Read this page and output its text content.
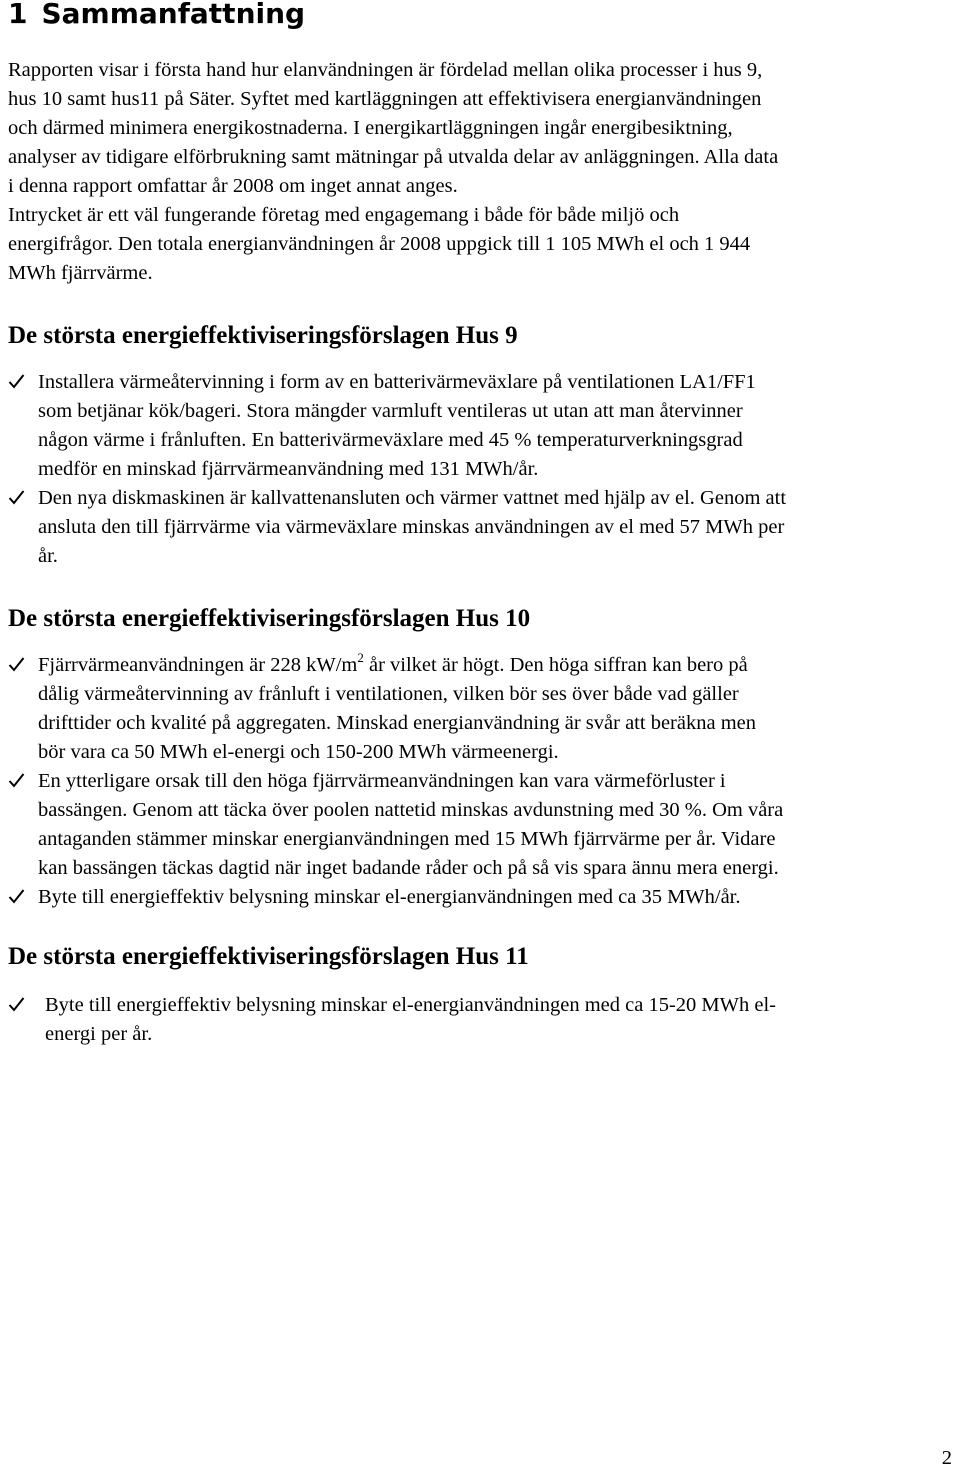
1 Sammanfattning

Rapporten visar i första hand hur elanvändningen är fördelad mellan olika processer i hus 9,
hus 10 samt hus11 på Säter. Syftet med kartläggningen att effektivisera energianvändningen
och därmed minimera energikostnaderna. I energikartläggningen ingår energibesiktning,
analyser av tidigare elförbrukning samt mätningar på utvalda delar av anläggningen. Alla data
i denna rapport omfattar år 2008 om inget annat anges.
Intrycket är ett väl fungerande företag med engagemang i både för både miljö och
energifrågor. Den totala energianvändningen år 2008 uppgick till 1 105 MWh el och 1 944
MWh fjärrvärme.

De största energieffektiviseringsförslagen Hus 9
Installera värmeåtervinning i form av en batterivärmeväxlare på ventilationen LA1/FF1
som betjänar kök/bageri. Stora mängder varmluft ventileras ut utan att man återvinner
någon värme i frånluften. En batterivärmeväxlare med 45 % temperaturverkningsgrad
medför en minskad fjärrvärmeanvändning med 131 MWh/år.
Den nya diskmaskinen är kallvattenansluten och värmer vattnet med hjälp av el. Genom att
ansluta den till fjärrvärme via värmeväxlare minskas användningen av el med 57 MWh per
år.
De största energieffektiviseringsförslagen Hus 10
Fjärrvärmeanvändningen är 228 $kW/m^2$ år vilket är högt. Den höga siffran kan bero på
dålig värmeåtervinning av frånluft i ventilationen, vilken bör ses över både vad gäller
drifttider och kvalité på aggregaten. Minskad energianvändning är svår att beräkna men
bör vara ca 50 MWh el-energi och 150-200 MWh värmeenergi.
En ytterligare orsak till den höga fjärrvärmeanvändningen kan vara värmeförluster i
bassängen. Genom att täcka över poolen nattetid minskas avdunstning med 30 %. Om våra
antaganden stämmer minskar energianvändningen med 15 MWh fjärrvärme per år. Vidare
kan bassängen täckas dagtid när inget badande råder och på så vis spara ännu mera energi.
Byte till energieffektiv belysning minskar el-energianvändningen med ca 35 MWh/år.
De största energieffektiviseringsförslagen Hus 11
Byte till energieffektiv belysning minskar el-energianvändningen med ca 15-20 MWh el-
energi per år.
2
